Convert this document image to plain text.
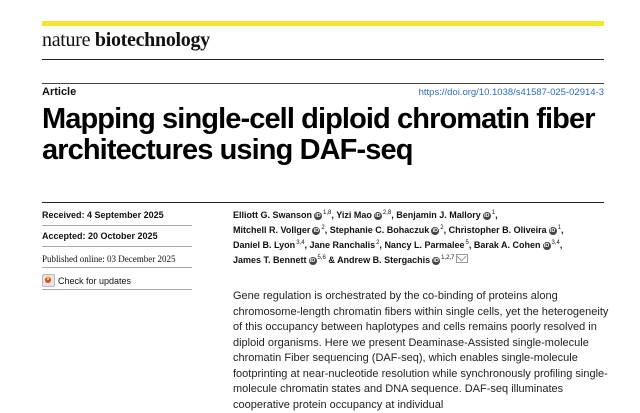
nature biotechnology
Article	https://doi.org/10.1038/s41587-025-02914-3
Mapping single-cell diploid chromatin fiber architectures using DAF-seq
Received: 4 September 2025
Accepted: 20 October 2025
Published online: 03 December 2025
Check for updates
Elliott G. Swanson iD $^{1,8}$, Yizi Mao iD $^{2,8}$, Benjamin J. Mallory iD $^1$,
Mitchell R. Vollger iD $^2$, Stephanie C. Bohaczuk iD $^2$, Christopher B. Oliveira iD $^1$,
Daniel B. Lyon$^{3,4}$, Jane Ranchalis$^2$, Nancy L. Parmalee$^5$, Barak A. Cohen iD $^{3,4}$,
James T. Bennett iD $^{5,6}$ & Andrew B. Stergachis iD $^{1,2,7}$

Gene regulation is orchestrated by the co-binding of proteins along chromosome-length chromatin fibers within single cells, yet the heterogeneity of this occupancy between haplotypes and cells remains poorly resolved in diploid organisms. Here we present Deaminase-Assisted single-molecule chromatin Fiber sequencing (DAF-seq), which enables single-molecule footprinting at near-nucleotide resolution while synchronously profiling single-molecule chromatin states and DNA sequence. DAF-seq illuminates cooperative protein occupancy at individual
